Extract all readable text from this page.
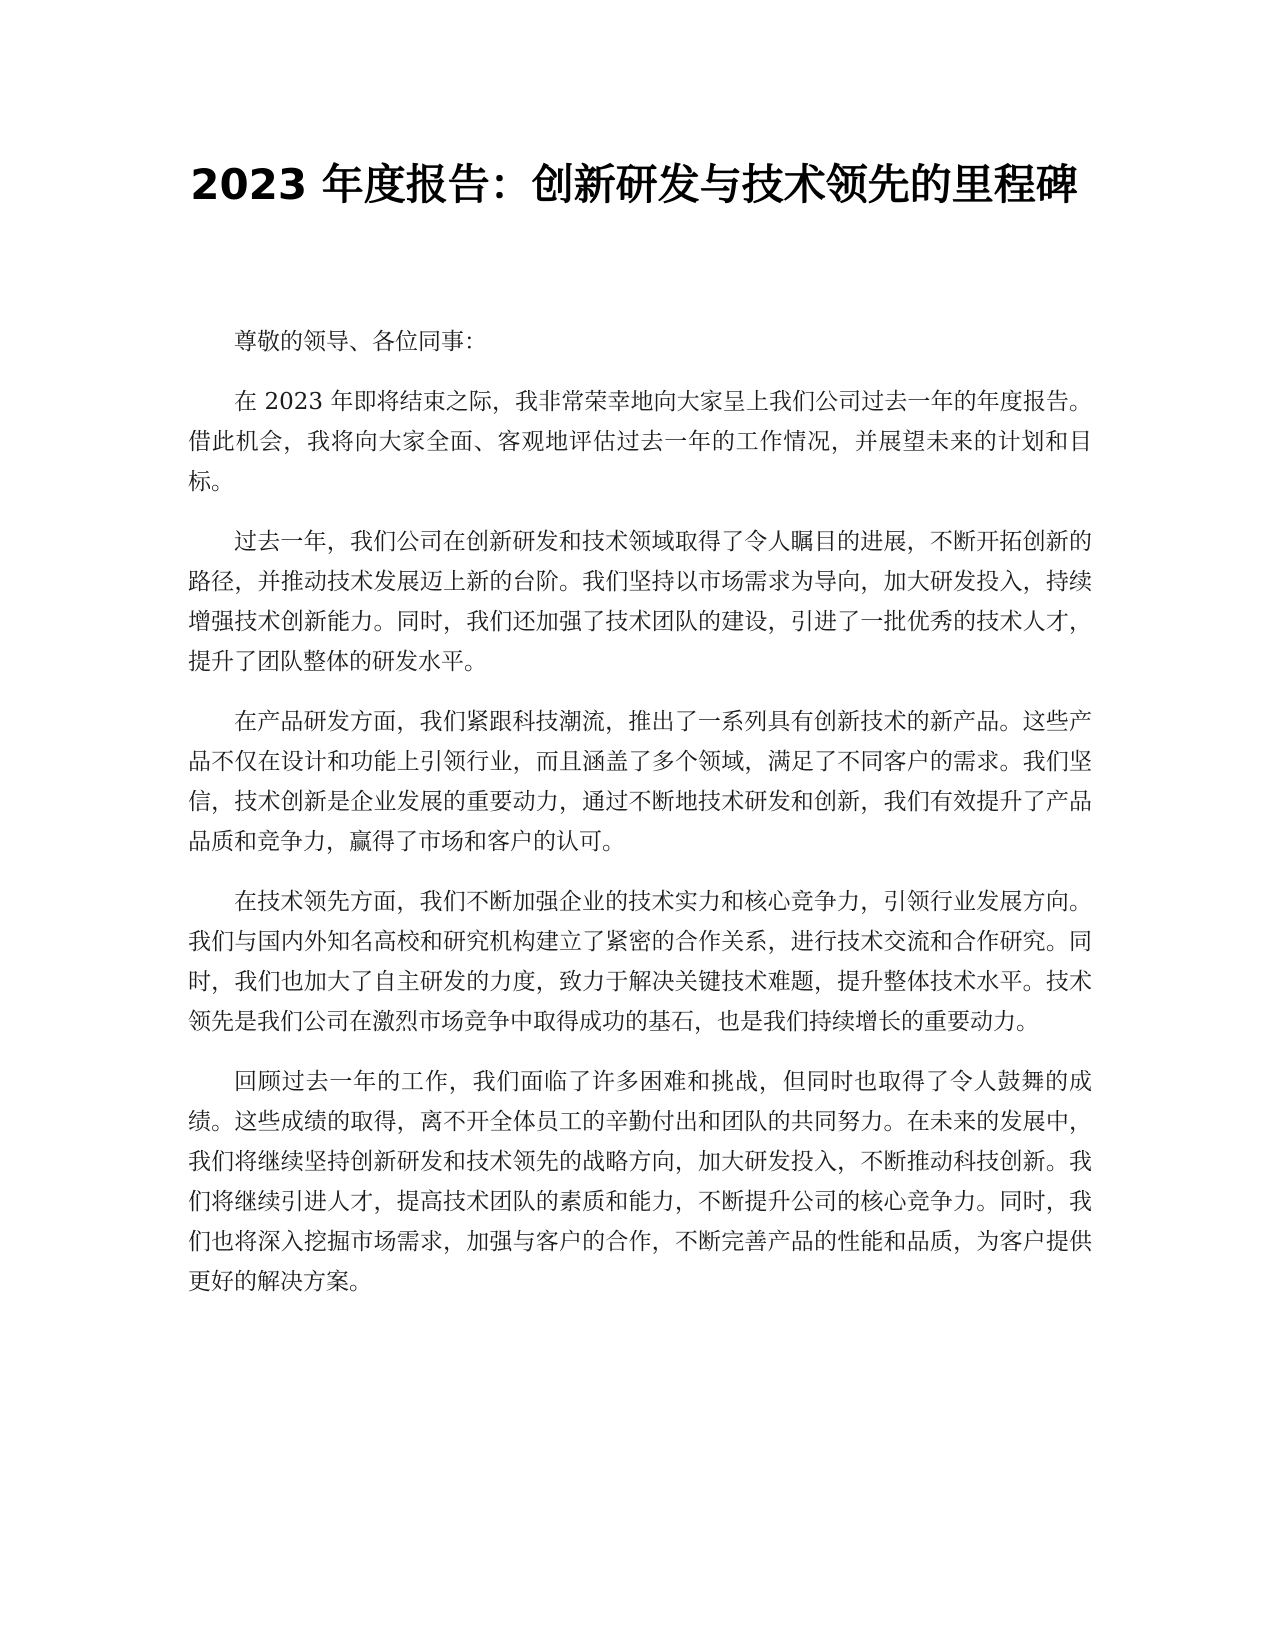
2023 年度报告：创新研发与技术领先的里程碑

尊敬的领导、各位同事：

在 2023 年即将结束之际，我非常荣幸地向大家呈上我们公司过去一年的年度报告。借此机会，我将向大家全面、客观地评估过去一年的工作情况，并展望未来的计划和目标。

过去一年，我们公司在创新研发和技术领域取得了令人瞩目的进展，不断开拓创新的路径，并推动技术发展迈上新的台阶。我们坚持以市场需求为导向，加大研发投入，持续增强技术创新能力。同时，我们还加强了技术团队的建设，引进了一批优秀的技术人才，提升了团队整体的研发水平。

在产品研发方面，我们紧跟科技潮流，推出了一系列具有创新技术的新产品。这些产品不仅在设计和功能上引领行业，而且涵盖了多个领域，满足了不同客户的需求。我们坚信，技术创新是企业发展的重要动力，通过不断地技术研发和创新，我们有效提升了产品品质和竞争力，赢得了市场和客户的认可。

在技术领先方面，我们不断加强企业的技术实力和核心竞争力，引领行业发展方向。我们与国内外知名高校和研究机构建立了紧密的合作关系，进行技术交流和合作研究。同时，我们也加大了自主研发的力度，致力于解决关键技术难题，提升整体技术水平。技术领先是我们公司在激烈市场竞争中取得成功的基石，也是我们持续增长的重要动力。

回顾过去一年的工作，我们面临了许多困难和挑战，但同时也取得了令人鼓舞的成绩。这些成绩的取得，离不开全体员工的辛勤付出和团队的共同努力。在未来的发展中，我们将继续坚持创新研发和技术领先的战略方向，加大研发投入，不断推动科技创新。我们将继续引进人才，提高技术团队的素质和能力，不断提升公司的核心竞争力。同时，我们也将深入挖掘市场需求，加强与客户的合作，不断完善产品的性能和品质，为客户提供更好的解决方案。
